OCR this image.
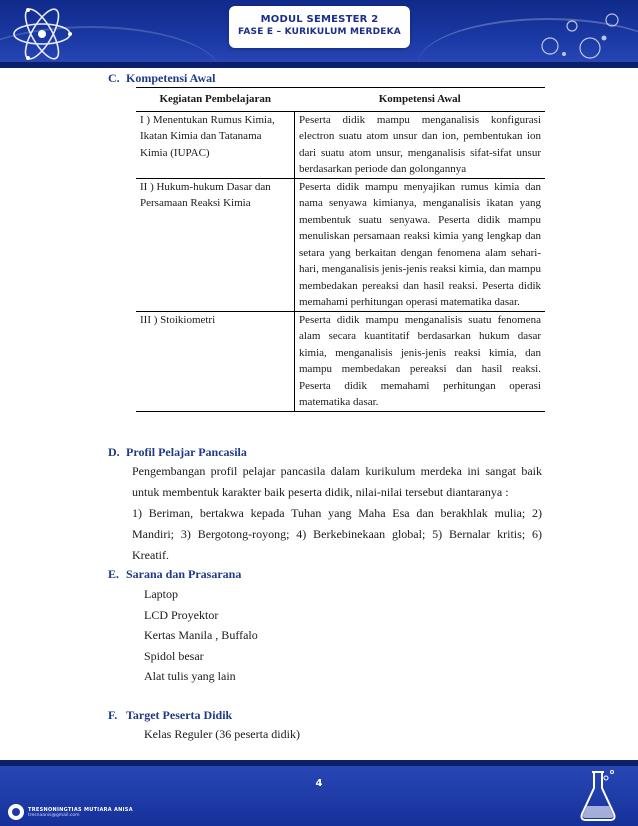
MODUL SEMESTER 2
FASE E – KURIKULUM MERDEKA
C. Kompetensi Awal
Kegiatan Pembelajaran	Kompetensi Awal
I ) Menentukan Rumus Kimia, Ikatan Kimia dan Tatanama Kimia (IUPAC)	Peserta didik mampu menganalisis konfigurasi electron suatu atom unsur dan ion, pembentukan ion dari suatu atom unsur, menganalisis sifat-sifat unsur berdasarkan periode dan golongannya
II ) Hukum-hukum Dasar dan Persamaan Reaksi Kimia	Peserta didik mampu menyajikan rumus kimia dan nama senyawa kimianya, menganalisis ikatan yang membentuk suatu senyawa. Peserta didik mampu menuliskan persamaan reaksi kimia yang lengkap dan setara yang berkaitan dengan fenomena alam sehari-hari, menganalisis jenis-jenis reaksi kimia, dan mampu membedakan pereaksi dan hasil reaksi. Peserta didik memahami perhitungan operasi matematika dasar.
III ) Stoikiometri	Peserta didik mampu menganalisis suatu fenomena alam secara kuantitatif berdasarkan hukum dasar kimia, menganalisis jenis-jenis reaksi kimia, dan mampu membedakan pereaksi dan hasil reaksi. Peserta didik memahami perhitungan operasi matematika dasar.
D. Profil Pelajar Pancasila
Pengembangan profil pelajar pancasila dalam kurikulum merdeka ini sangat baik untuk membentuk karakter baik peserta didik, nilai-nilai tersebut diantaranya :
1) Beriman, bertakwa kepada Tuhan yang Maha Esa dan berakhlak mulia; 2) Mandiri; 3) Bergotong-royong; 4) Berkebinekaan global; 5) Bernalar kritis; 6) Kreatif.
E. Sarana dan Prasarana
Laptop
LCD Proyektor
Kertas Manila , Buffalo
Spidol besar
Alat tulis yang lain
F. Target Peserta Didik
Kelas Reguler (36 peserta didik)
4
TRESNONINGTIAS MUTIARA ANISA
tresnaanis@gmail.com
